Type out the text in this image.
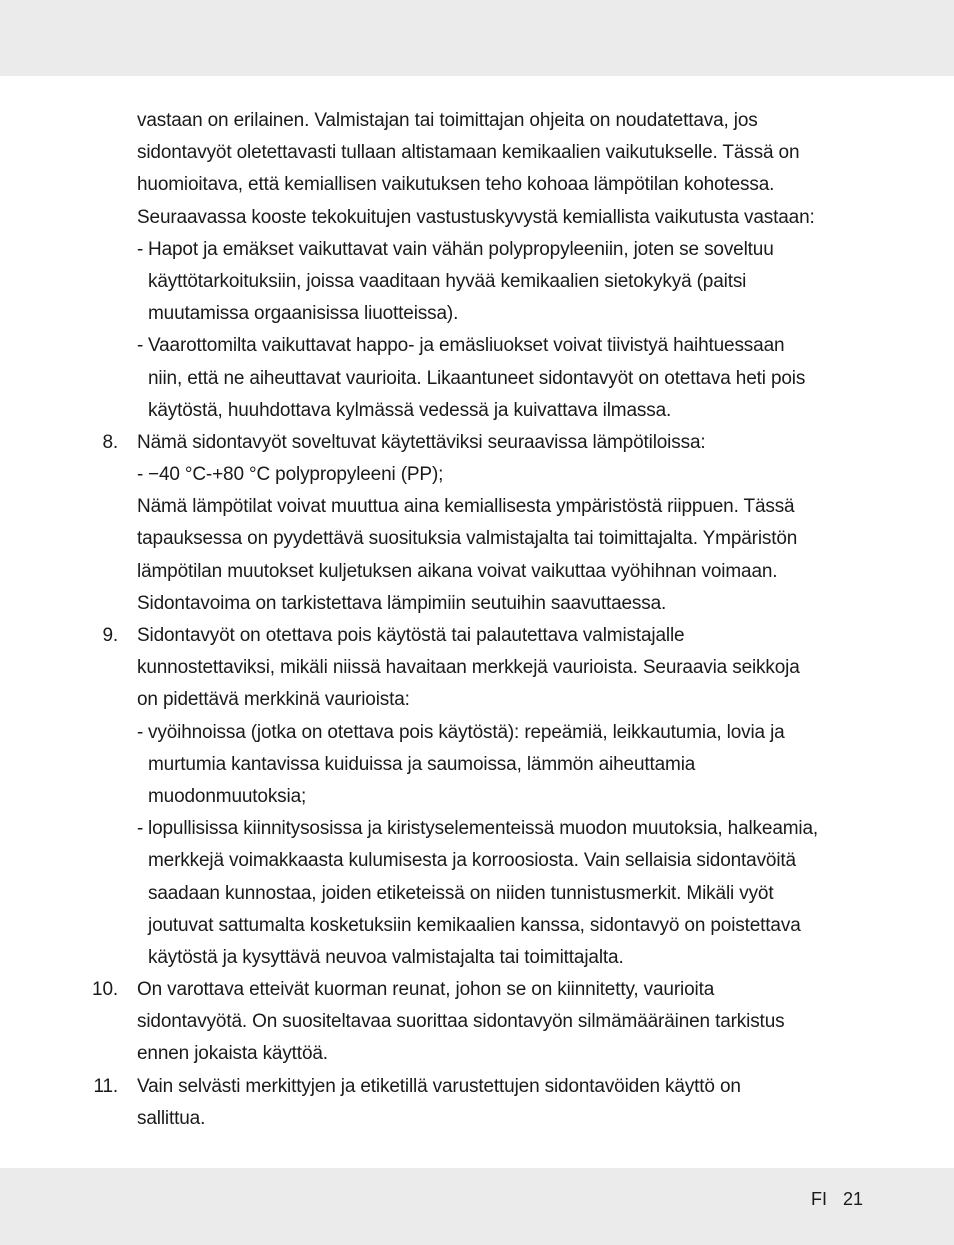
vastaan on erilainen. Valmistajan tai toimittajan ohjeita on noudatettava, jos
sidontavyöt oletettavasti tullaan altistamaan kemikaalien vaikutukselle. Tässä on
huomioitava, että kemiallisen vaikutuksen teho kohoaa lämpötilan kohotessa.
Seuraavassa kooste tekokuitujen vastustuskyvystä kemiallista vaikutusta vastaan:
- Hapot ja emäkset vaikuttavat vain vähän polypropyleeniin, joten se soveltuu
käyttötarkoituksiin, joissa vaaditaan hyvää kemikaalien sietokykyä (paitsi
muutamissa orgaanisissa liuotteissa).
- Vaarottomilta vaikuttavat happo- ja emäsliuokset voivat tiivistyä haihtuessaan
niin, että ne aiheuttavat vaurioita. Likaantuneet sidontavyöt on otettava heti pois
käytöstä, huuhdottava kylmässä vedessä ja kuivattava ilmassa.
8. Nämä sidontavyöt soveltuvat käytettäviksi seuraavissa lämpötiloissa:
- −40 °C-+80 °C polypropyleeni (PP);
Nämä lämpötilat voivat muuttua aina kemiallisesta ympäristöstä riippuen. Tässä
tapauksessa on pyydettävä suosituksia valmistajalta tai toimittajalta. Ympäristön
lämpötilan muutokset kuljetuksen aikana voivat vaikuttaa vyöhihnan voimaan.
Sidontavoima on tarkistettava lämpimiin seutuihin saavuttaessa.
9. Sidontavyöt on otettava pois käytöstä tai palautettava valmistajalle
kunnostettaviksi, mikäli niissä havaitaan merkkejä vaurioista. Seuraavia seikkoja
on pidettävä merkkinä vaurioista:
- vyöihnoissa (jotka on otettava pois käytöstä): repeämiä, leikkautumia, lovia ja
murtumia kantavissa kuiduissa ja saumoissa, lämmön aiheuttamia
muodonmuutoksia;
- lopullisissa kiinnitysosissa ja kiristyselementeissä muodon muutoksia, halkeamia,
merkkejä voimakkaasta kulumisesta ja korroosiosta. Vain sellaisia sidontavöitä
saadaan kunnostaa, joiden etiketeissä on niiden tunnistusmerkit. Mikäli vyöt
joutuvat sattumalta kosketuksiin kemikaalien kanssa, sidontavyö on poistettava
käytöstä ja kysyttävä neuvoa valmistajalta tai toimittajalta.
10. On varottava etteivät kuorman reunat, johon se on kiinnitetty, vaurioita
sidontavyötä. On suositeltavaa suorittaa sidontavyön silmämääräinen tarkistus
ennen jokaista käyttöä.
11. Vain selvästi merkittyjen ja etiketillä varustettujen sidontavöiden käyttö on
sallittua.
FI 21
